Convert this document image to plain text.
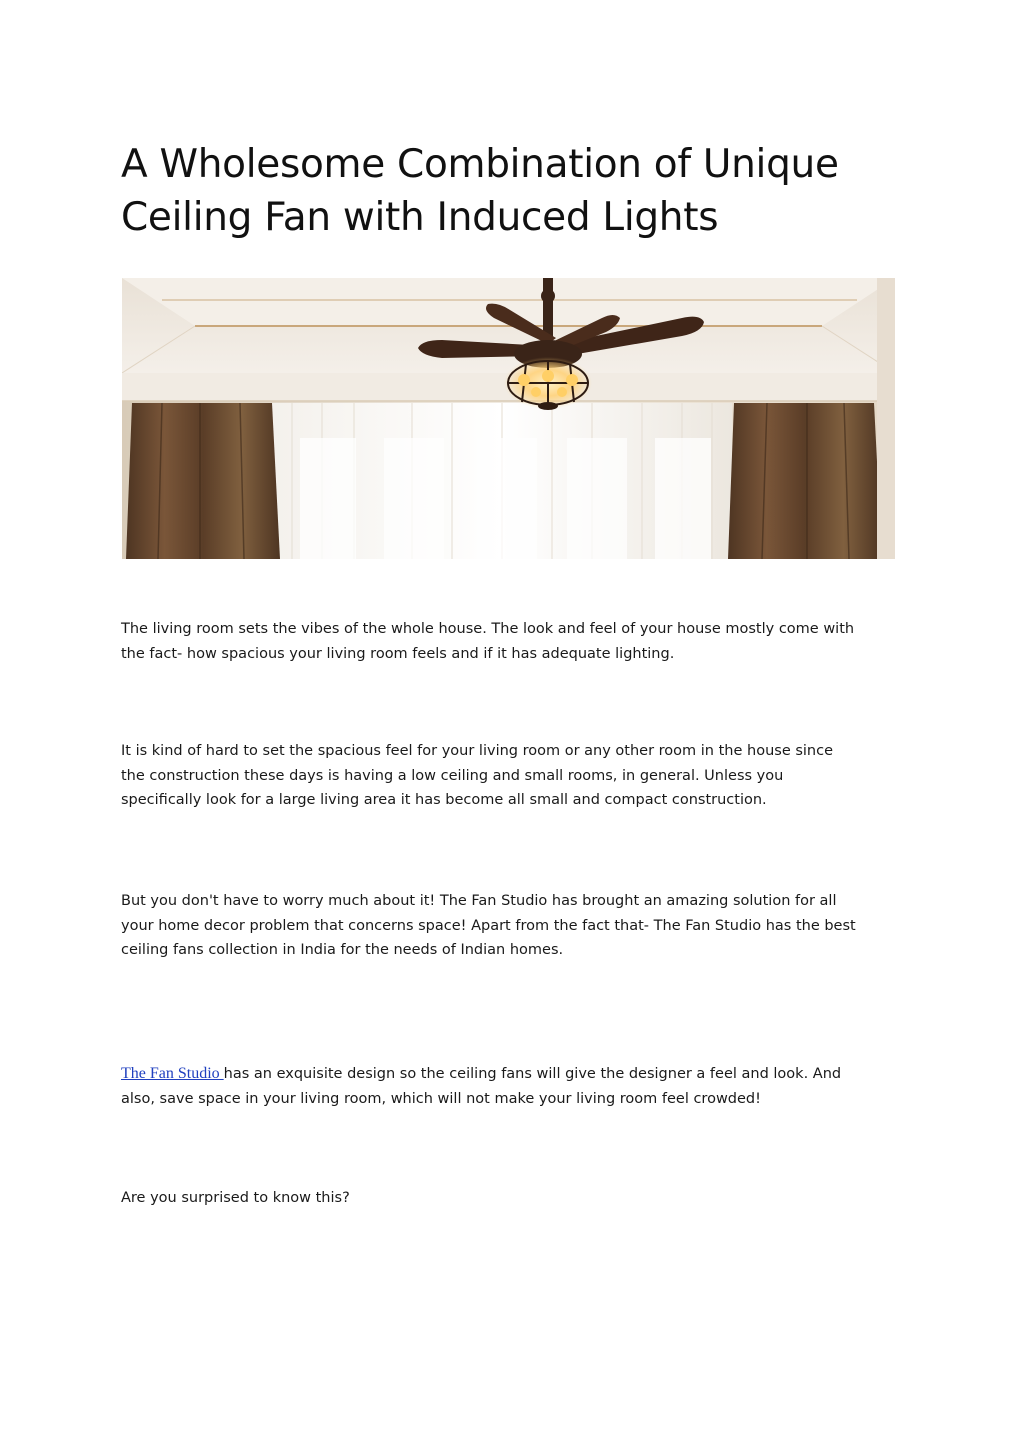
A Wholesome Combination of Unique
Ceiling Fan with Induced Lights

The living room sets the vibes of the whole house. The look and feel of your house mostly come with
the fact- how spacious your living room feels and if it has adequate lighting.

It is kind of hard to set the spacious feel for your living room or any other room in the house since
the construction these days is having a low ceiling and small rooms, in general. Unless you
specifically look for a large living area it has become all small and compact construction.

But you don't have to worry much about it! The Fan Studio has brought an amazing solution for all
your home decor problem that concerns space! Apart from the fact that- The Fan Studio has the best
ceiling fans collection in India for the needs of Indian homes.

The Fan Studio has an exquisite design so the ceiling fans will give the designer a feel and look. And
also, save space in your living room, which will not make your living room feel crowded!

Are you surprised to know this?
